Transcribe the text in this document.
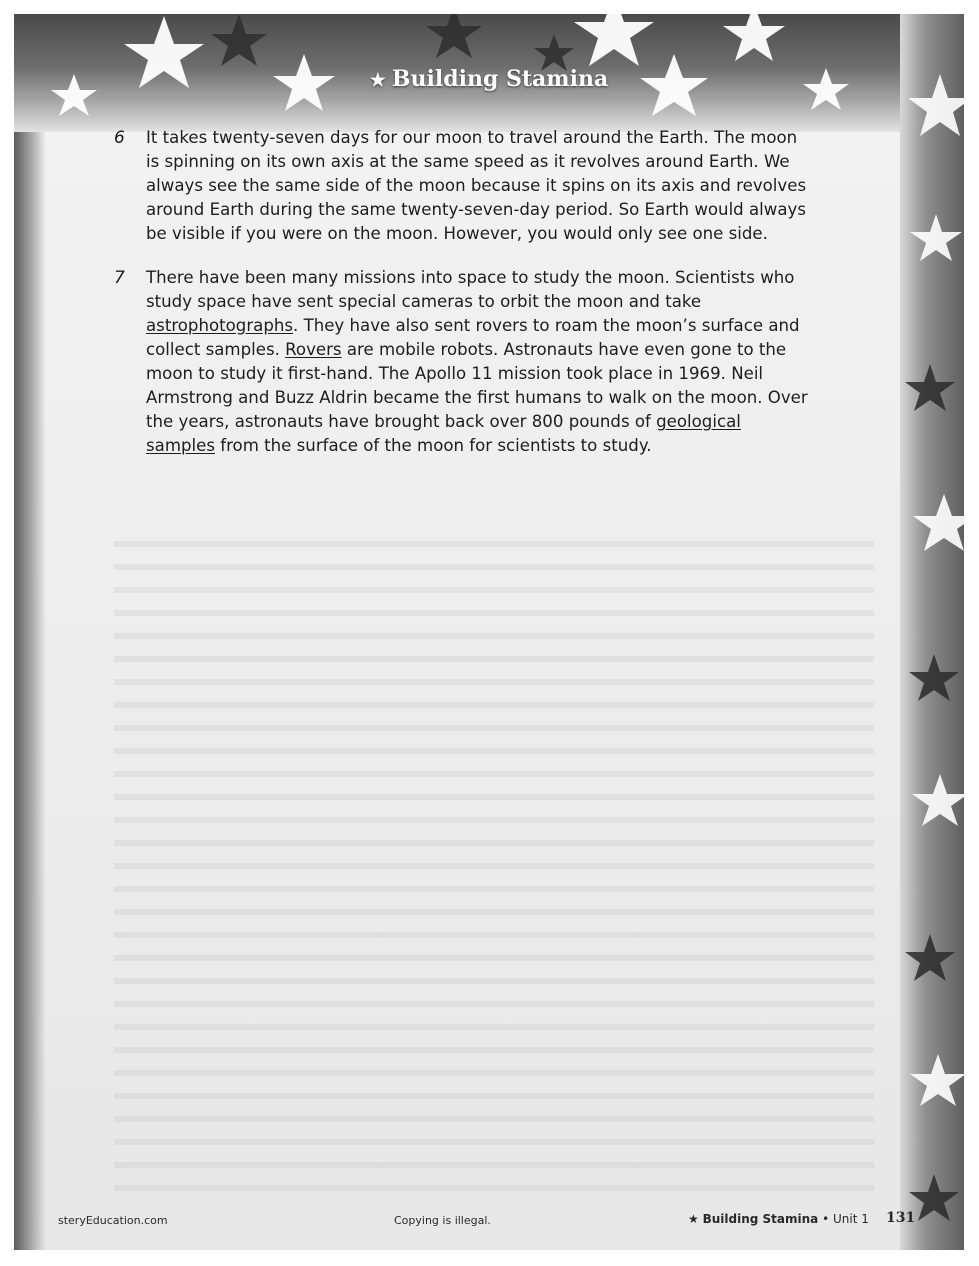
★ Building Stamina
6 It takes twenty-seven days for our moon to travel around the Earth. The moon is spinning on its own axis at the same speed as it revolves around Earth. We always see the same side of the moon because it spins on its axis and revolves around Earth during the same twenty-seven-day period. So Earth would always be visible if you were on the moon. However, you would only see one side.

7 There have been many missions into space to study the moon. Scientists who study space have sent special cameras to orbit the moon and take astrophotographs. They have also sent rovers to roam the moon’s surface and collect samples. Rovers are mobile robots. Astronauts have even gone to the moon to study it first-hand. The Apollo 11 mission took place in 1969. Neil Armstrong and Buzz Aldrin became the first humans to walk on the moon. Over the years, astronauts have brought back over 800 pounds of geological samples from the surface of the moon for scientists to study.

steryEducation.com	Copying is illegal.	★ Building Stamina • Unit 1 131
